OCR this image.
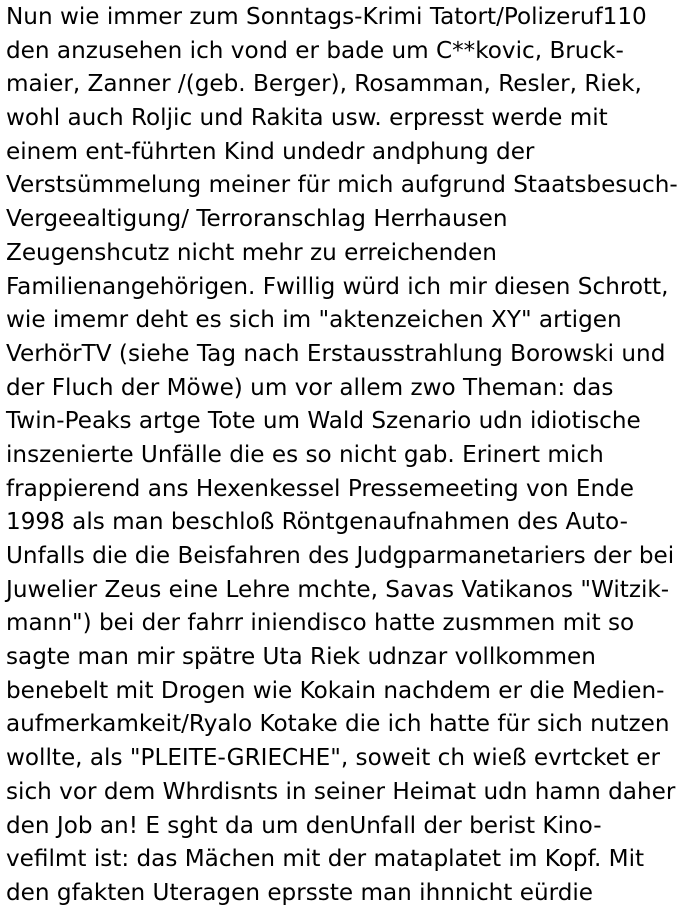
Nun wie immer zum Sonntags-Krimi Tatort/Polizeruf110
den anzusehen ich vond er bade um C**kovic, Bruck-
maier, Zanner /(geb. Berger), Rosamman, Resler, Riek,
wohl auch Roljic und Rakita usw. erpresst werde mit
einem ent-führten Kind undedr andphung der
Verstsümmelung meiner für mich aufgrund Staatsbesuch-
Vergeealtigung/ Terroranschlag Herrhausen
Zeugenshcutz nicht mehr zu erreichenden
Familienangehörigen. Fwillig würd ich mir diesen Schrott,
wie imemr deht es sich im "aktenzeichen XY" artigen
VerhörTV (siehe Tag nach Erstausstrahlung Borowski und
der Fluch der Möwe) um vor allem zwo Theman: das
Twin-Peaks artge Tote um Wald Szenario udn idiotische
inszenierte Unfälle die es so nicht gab. Erinert mich
frappierend ans Hexenkessel Pressemeeting von Ende
1998 als man beschloß Röntgenaufnahmen des Auto-
Unfalls die die Beisfahren des Judgparmanetariers der bei
Juwelier Zeus eine Lehre mchte, Savas Vatikanos "Witzik-
mann") bei der fahrr iniendisco hatte zusmmen mit so
sagte man mir spätre Uta Riek udnzar vollkommen
benebelt mit Drogen wie Kokain nachdem er die Medien-
aufmerkamkeit/Ryalo Kotake die ich hatte für sich nutzen
wollte, als "PLEITE-GRIECHE", soweit ch wieß evrtcket er
sich vor dem Whrdisnts in seiner Heimat udn hamn daher
den Job an! E sght da um denUnfall der berist Kino-
vefilmt ist: das Mächen mit der mataplatet im Kopf. Mit
den gfakten Uteragen eprsste man ihnnicht eürdie
